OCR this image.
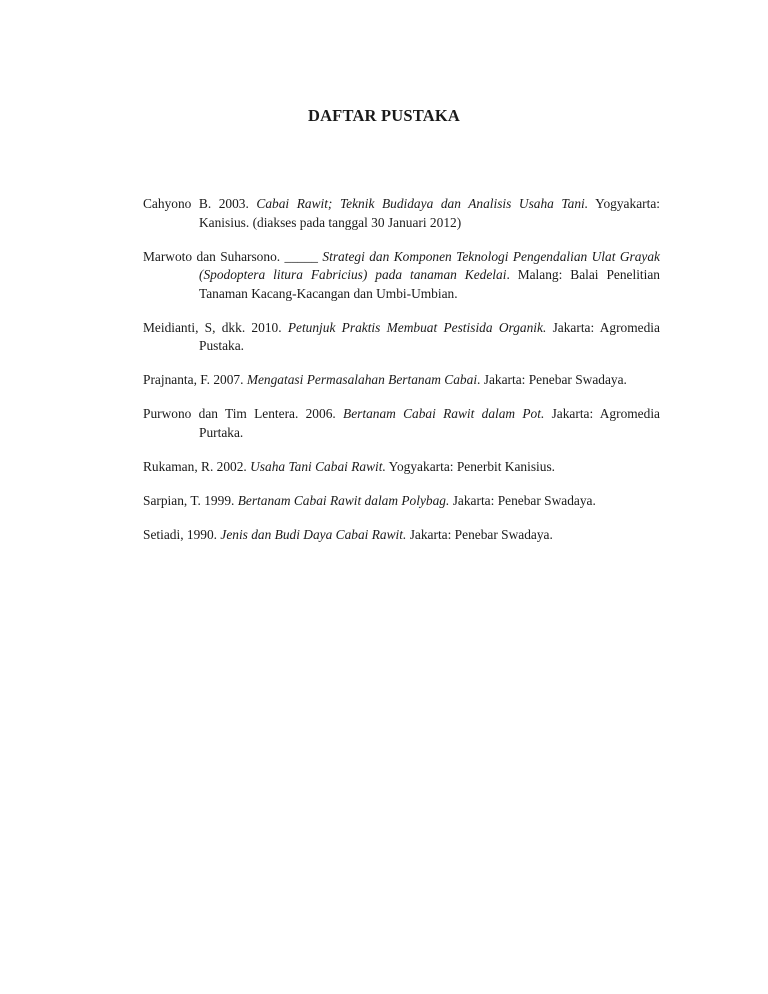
DAFTAR PUSTAKA

Cahyono B. 2003. Cabai Rawit; Teknik Budidaya dan Analisis Usaha Tani. Yogyakarta: Kanisius. (diakses pada tanggal 30 Januari 2012)

Marwoto dan Suharsono. _____ Strategi dan Komponen Teknologi Pengendalian Ulat Grayak (Spodoptera litura Fabricius) pada tanaman Kedelai. Malang: Balai Penelitian Tanaman Kacang-Kacangan dan Umbi-Umbian.

Meidianti, S, dkk. 2010. Petunjuk Praktis Membuat Pestisida Organik. Jakarta: Agromedia Pustaka.

Prajnanta, F. 2007. Mengatasi Permasalahan Bertanam Cabai. Jakarta: Penebar Swadaya.

Purwono dan Tim Lentera. 2006. Bertanam Cabai Rawit dalam Pot. Jakarta: Agromedia Purtaka.

Rukaman, R. 2002. Usaha Tani Cabai Rawit. Yogyakarta: Penerbit Kanisius.

Sarpian, T. 1999. Bertanam Cabai Rawit dalam Polybag. Jakarta: Penebar Swadaya.

Setiadi, 1990. Jenis dan Budi Daya Cabai Rawit. Jakarta: Penebar Swadaya.
